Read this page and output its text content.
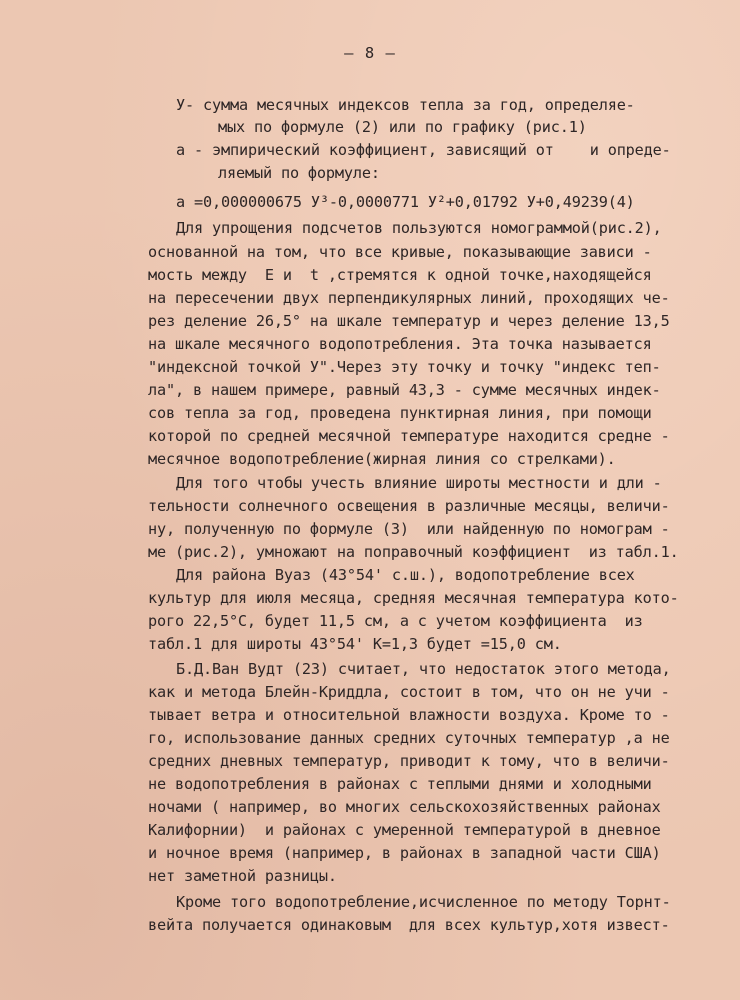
— 8 —
У- сумма месячных индексов тепла за год, определяе-
мых по формуле (2) или по графику (рис.1)
а - эмпирический коэффициент, зависящий от    и опреде-
ляемый по формуле:
а =0,000000675 У³-0,0000771 У²+0,01792 У+0,49239(4)
Для упрощения подсчетов пользуются номограммой(рис.2),
основанной на том, что все кривые, показывающие зависи -
мость между  Е и  t ,стремятся к одной точке,находящейся
на пересечении двух перпендикулярных линий, проходящих че-
рез деление 26,5° на шкале температур и через деление 13,5
на шкале месячного водопотребления. Эта точка называется
"индексной точкой У".Через эту точку и точку "индекс теп-
ла", в нашем примере, равный 43,3 - сумме месячных индек-
сов тепла за год, проведена пунктирная линия, при помощи
которой по средней месячной температуре находится средне -
месячное водопотребление(жирная линия со стрелками).
Для того чтобы учесть влияние широты местности и дли -
тельности солнечного освещения в различные месяцы, величи-
ну, полученную по формуле (3)  или найденную по номограм -
ме (рис.2), умножают на поправочный коэффициент  из табл.1.
Для района Вуаз (43°54' с.ш.), водопотребление всех
культур для июля месяца, средняя месячная температура кото-
рого 22,5°С, будет 11,5 см, а с учетом коэффициента  из
табл.1 для широты 43°54' К=1,3 будет =15,0 см.
Б.Д.Ван Вудт (23) считает, что недостаток этого метода,
как и метода Блейн-Криддла, состоит в том, что он не учи -
тывает ветра и относительной влажности воздуха. Кроме то -
го, использование данных средних суточных температур ,а не
средних дневных температур, приводит к тому, что в величи-
не водопотребления в районах с теплыми днями и холодными
ночами ( например, во многих сельскохозяйственных районах
Калифорнии)  и районах с умеренной температурой в дневное
и ночное время (например, в районах в западной части США)
нет заметной разницы.
Кроме того водопотребление,исчисленное по методу Торнт-
вейта получается одинаковым  для всех культур,хотя извест-
